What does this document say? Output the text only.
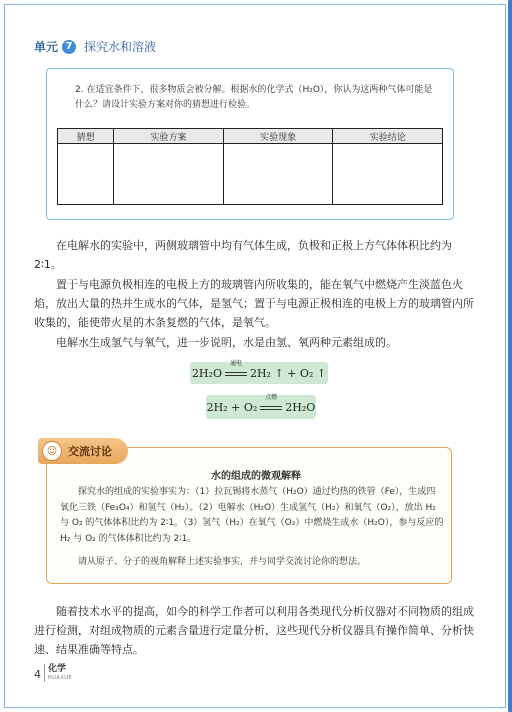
单元 7 探究水和溶液
2. 在适宜条件下，很多物质会被分解。根据水的化学式（H₂O），你认为这两种气体可能是什么？请设计实验方案对你的猜想进行检验。
猜想	实验方案	实验现象	实验结论

在电解水的实验中，两侧玻璃管中均有气体生成，负极和正极上方气体体积比约为 2∶1。
置于与电源负极相连的电极上方的玻璃管内所收集的，能在氧气中燃烧产生淡蓝色火焰，放出大量的热并生成水的气体，是氢气；置于与电源正极相连的电极上方的玻璃管内所收集的，能使带火星的木条复燃的气体，是氧气。
电解水生成氢气与氧气，进一步说明，水是由氢、氧两种元素组成的。
2H₂O
通电
2H₂ ↑ + O₂ ↑
2H₂ + O₂
点燃
2H₂O
☺ 交流讨论
水的组成的微观解释
探究水的组成的实验事实为：（1）拉瓦锡将水蒸气（H₂O）通过灼热的铁管（Fe），生成四氧化三铁（Fe₃O₄）和氢气（H₂）。（2）电解水（H₂O）生成氢气（H₂）和氧气（O₂），放出 H₂ 与 O₂ 的气体体积比约为 2∶1。（3）氢气（H₂）在氧气（O₂）中燃烧生成水（H₂O），参与反应的 H₂ 与 O₂ 的气体体积比约为 2∶1。
请从原子、分子的视角解释上述实验事实，并与同学交流讨论你的想法。
随着技术水平的提高，如今的科学工作者可以利用各类现代分析仪器对不同物质的组成进行检测，对组成物质的元素含量进行定量分析，这些现代分析仪器具有操作简单、分析快速、结果准确等特点。
4 化学
HUAXUE
